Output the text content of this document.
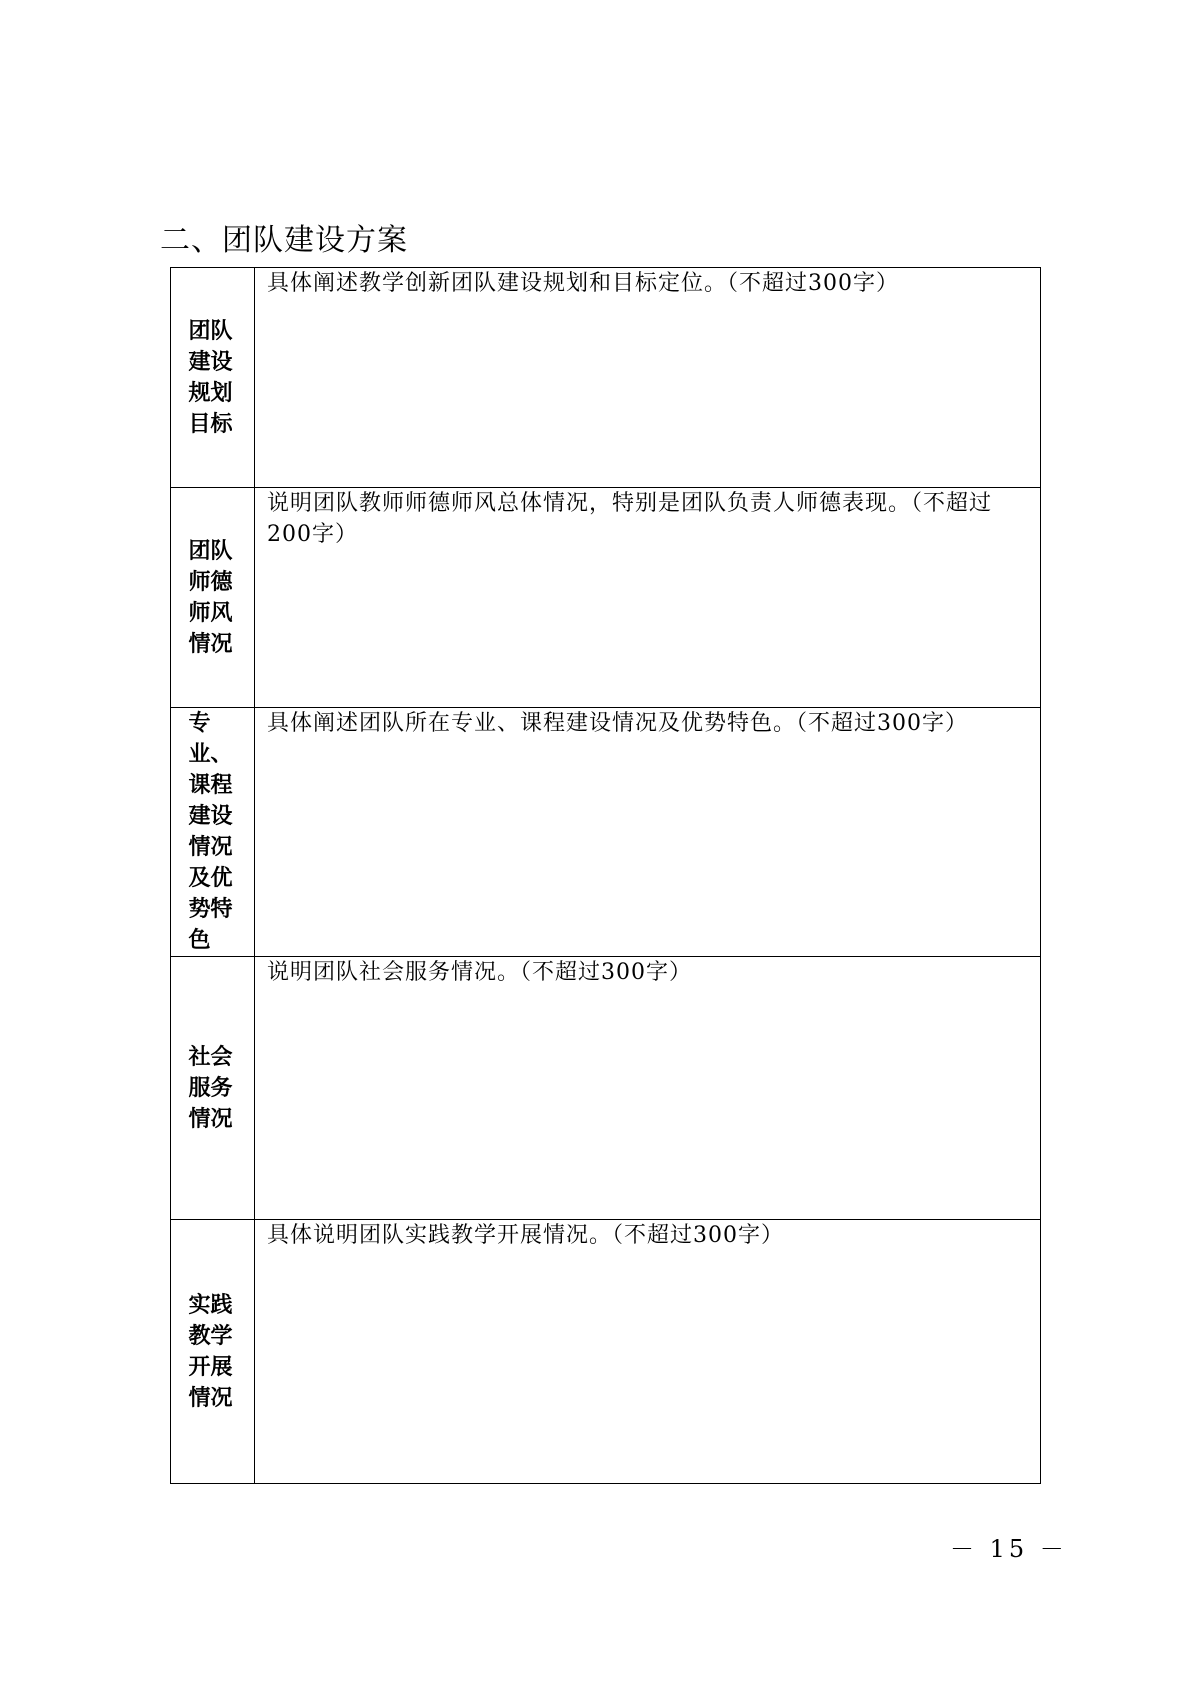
二、团队建设方案
团队建设规划目标	具体阐述教学创新团队建设规划和目标定位。（不超过300字）

团队师德师风情况	说明团队教师师德师风总体情况，特别是团队负责人师德表现。（不超过200字）

专业、课程建设情况及优势特色	具体阐述团队所在专业、课程建设情况及优势特色。（不超过300字）

社会服务情况	说明团队社会服务情况。（不超过300字）

实践教学开展情况	具体说明团队实践教学开展情况。（不超过300字）
－ 15 －
